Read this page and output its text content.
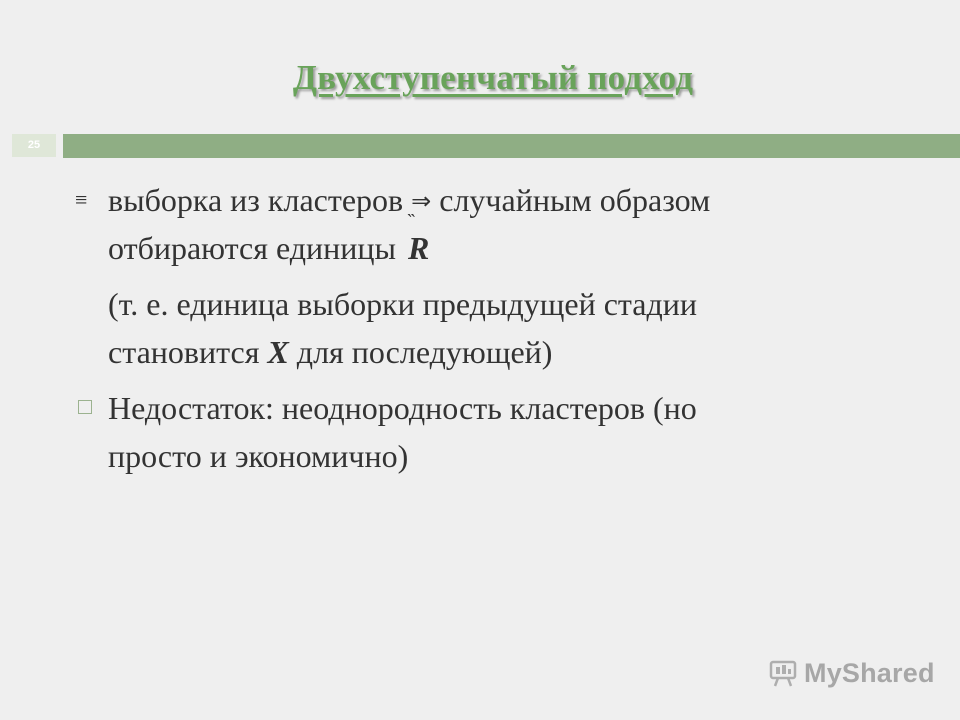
Двухступенчатый подход
25
≡ выборка из кластеров ⇒ случайным образом
отбираются единицы R
(т. е. единица выборки предыдущей стадии
становится X для последующей)
Недостаток: неоднородность кластеров (но
просто и экономично)
MyShared
